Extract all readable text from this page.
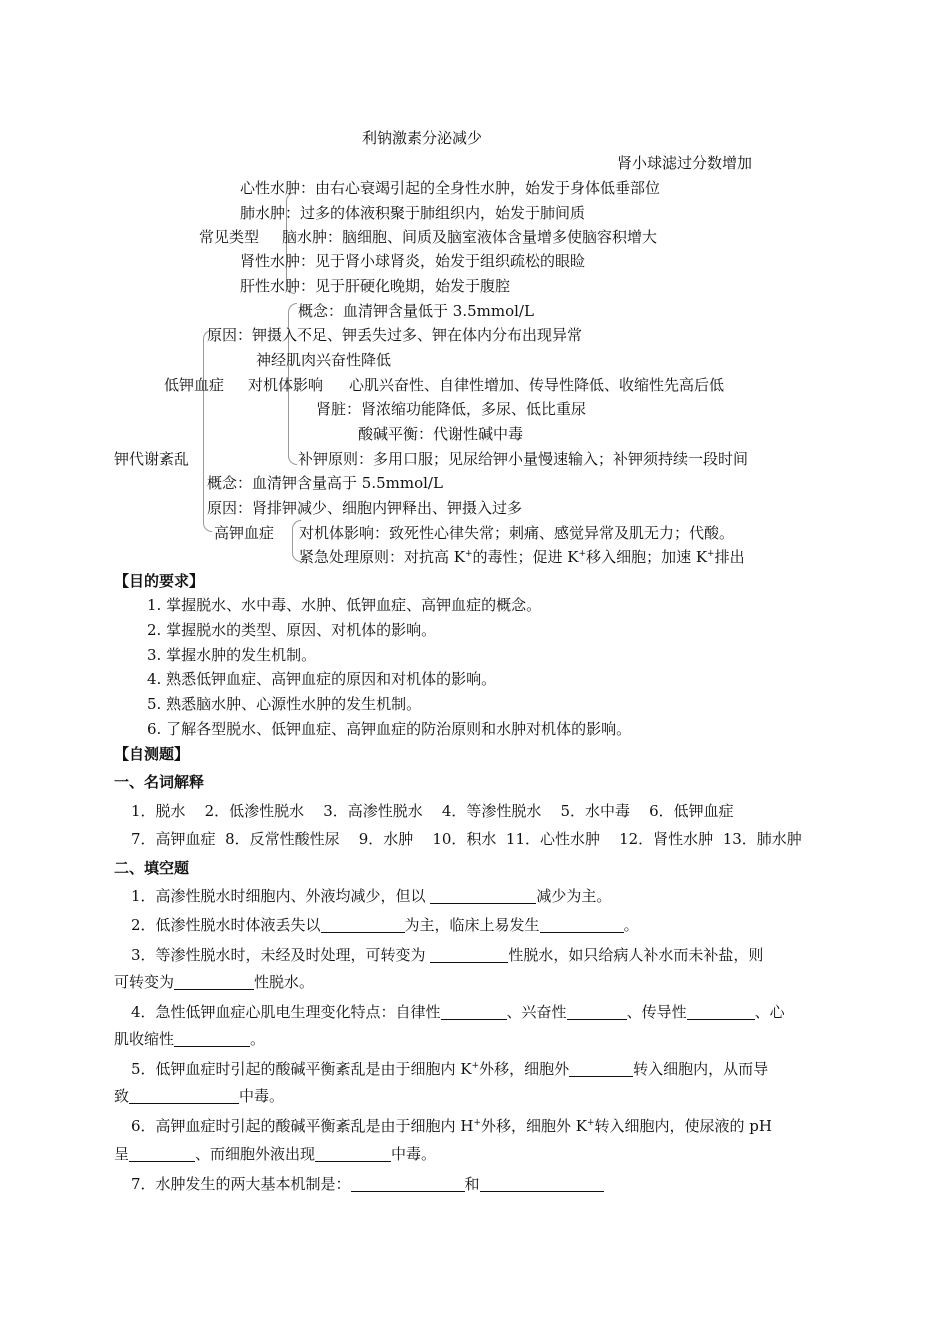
利钠激素分泌减少
肾小球滤过分数增加
心性水肿：由右心衰竭引起的全身性水肿，始发于身体低垂部位
肺水肿：过多的体液积聚于肺组织内，始发于肺间质
常见类型 脑水肿：脑细胞、间质及脑室液体含量增多使脑容积增大
肾性水肿：见于肾小球肾炎，始发于组织疏松的眼睑
肝性水肿：见于肝硬化晚期，始发于腹腔
概念：血清钾含量低于 3.5mmol/L
原因：钾摄入不足、钾丢失过多、钾在体内分布出现异常
神经肌肉兴奋性降低
低钾血症 对机体影响 心肌兴奋性、自律性增加、传导性降低、收缩性先高后低
肾脏：肾浓缩功能降低，多尿、低比重尿
酸碱平衡：代谢性碱中毒
钾代谢紊乱	补钾原则：多用口服；见尿给钾小量慢速输入；补钾须持续一段时间
概念：血清钾含量高于 5.5mmol/L
原因：肾排钾减少、细胞内钾释出、钾摄入过多
高钾血症 对机体影响：致死性心律失常；刺痛、感觉异常及肌无力；代酸。
紧急处理原则：对抗高 K+的毒性；促进 K+移入细胞；加速 K+排出
【目的要求】
1. 掌握脱水、水中毒、水肿、低钾血症、高钾血症的概念。
2. 掌握脱水的类型、原因、对机体的影响。
3. 掌握水肿的发生机制。
4. 熟悉低钾血症、高钾血症的原因和对机体的影响。
5. 熟悉脑水肿、心源性水肿的发生机制。
6. 了解各型脱水、低钾血症、高钾血症的防治原则和水肿对机体的影响。
【自测题】
一、名词解释
1．脱水    2．低渗性脱水    3．高渗性脱水    4．等渗性脱水    5．水中毒    6．低钾血症
7．高钾血症  8．反常性酸性尿    9．水肿    10．积水  11．心性水肿    12．肾性水肿  13．肺水肿
二、填空题
1．高渗性脱水时细胞内、外液均减少，但以	减少为主。
2．低渗性脱水时体液丢失以	为主，临床上易发生	。
3．等渗性脱水时，未经及时处理，可转变为	性脱水，如只给病人补水而未补盐，则
可转变为	性脱水。
4．急性低钾血症心肌电生理变化特点：自律性	、兴奋性	、传导性	、心
肌收缩性	。
5．低钾血症时引起的酸碱平衡紊乱是由于细胞内 K+外移，细胞外	转入细胞内，从而导
致	中毒。
6．高钾血症时引起的酸碱平衡紊乱是由于细胞内 H+外移，细胞外 K+转入细胞内，使尿液的 pH
呈	、而细胞外液出现	中毒。
7．水肿发生的两大基本机制是：	和
